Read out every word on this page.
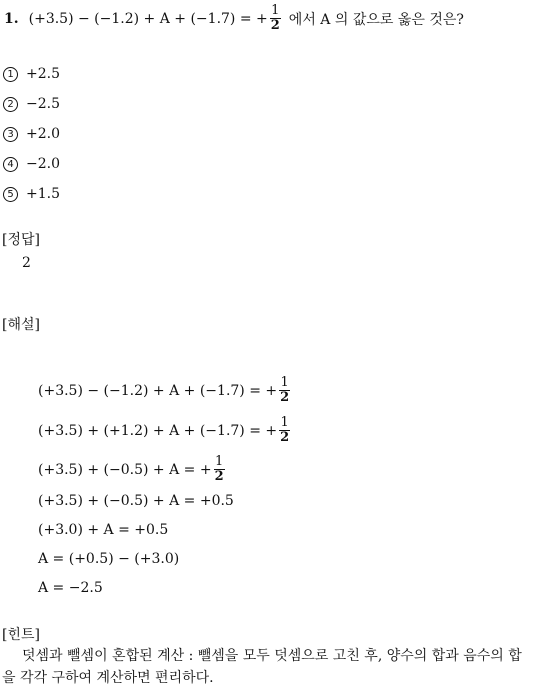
1. (+3.5) − (−1.2) + A + (−1.7) = + $\frac{1}{2}$ 에서 A 의 값으로 옳은 것은?
1 +2.5
2 −2.5
3 +2.0
4 −2.0
5 +1.5
[정답]
2
[해설]
(+3.5) − (−1.2) + A + (−1.7) = + $\frac{1}{2}$
(+3.5) + (+1.2) + A + (−1.7) = + $\frac{1}{2}$
(+3.5) + (−0.5) + A = + $\frac{1}{2}$
(+3.5) + (−0.5) + A = +0.5
(+3.0) + A = +0.5
A = (+0.5) − (+3.0)
A = −2.5
[힌트]
덧셈과 뺄셈이 혼합된 계산 : 뺄셈을 모두 덧셈으로 고친 후, 양수의 합과 음수의 합을 각각 구하여 계산하면 편리하다.
